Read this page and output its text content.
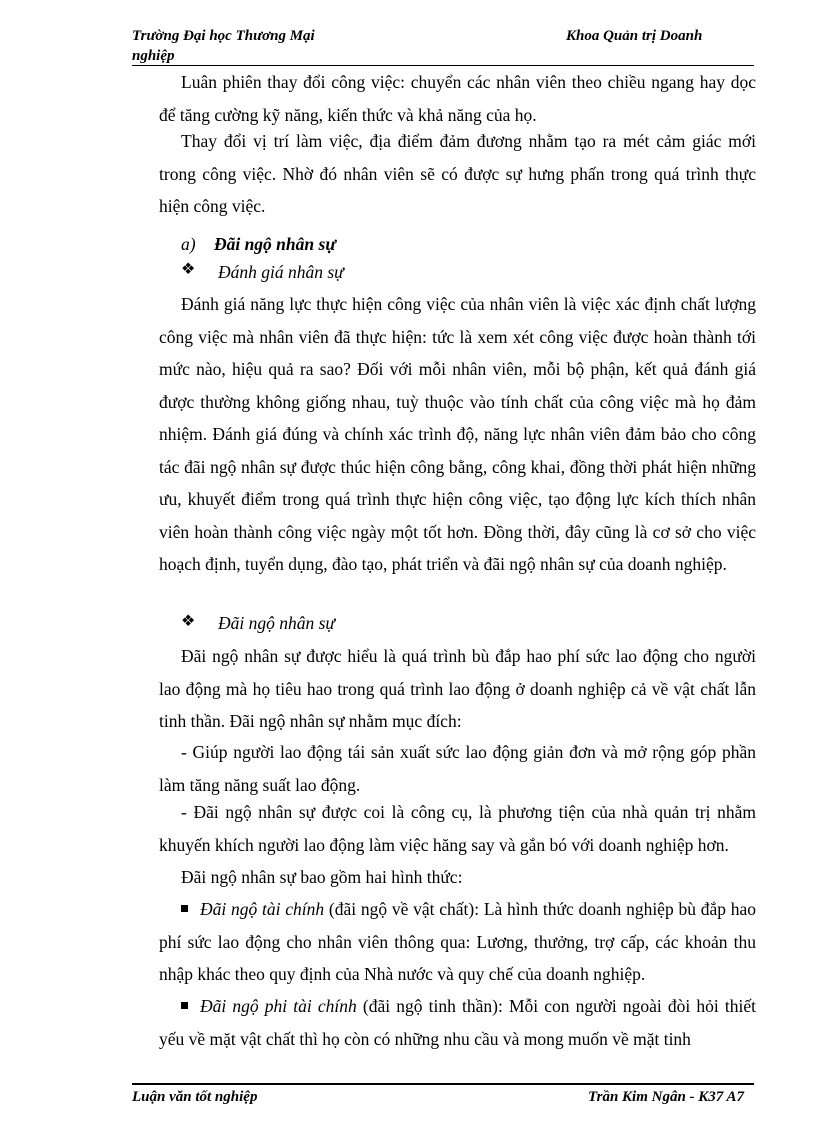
Trường Đại học Thương Mại nghiệp
Khoa Quản trị Doanh
Luân phiên thay đổi công việc: chuyển các nhân viên theo chiều ngang hay dọc để tăng cường kỹ năng, kiến thức và khả năng của họ.
Thay đổi vị trí làm việc, địa điểm đảm đương nhằm tạo ra mét cảm giác mới trong công việc. Nhờ đó nhân viên sẽ có được sự hưng phấn trong quá trình thực hiện công việc.
a) Đãi ngộ nhân sự
❖ Đánh giá nhân sự
Đánh giá năng lực thực hiện công việc của nhân viên là việc xác định chất lượng công việc mà nhân viên đã thực hiện: tức là xem xét công việc được hoàn thành tới mức nào, hiệu quả ra sao? Đối với mỗi nhân viên, mỗi bộ phận, kết quả đánh giá được thường không giống nhau, tuỳ thuộc vào tính chất của công việc mà họ đảm nhiệm. Đánh giá đúng và chính xác trình độ, năng lực nhân viên đảm bảo cho công tác đãi ngộ nhân sự được thúc hiện công bằng, công khai, đồng thời phát hiện những ưu, khuyết điểm trong quá trình thực hiện công việc, tạo động lực kích thích nhân viên hoàn thành công việc ngày một tốt hơn. Đồng thời, đây cũng là cơ sở cho việc hoạch định, tuyển dụng, đào tạo, phát triển và đãi ngộ nhân sự của doanh nghiệp.
❖ Đãi ngộ nhân sự
Đãi ngộ nhân sự được hiểu là quá trình bù đắp hao phí sức lao động cho người lao động mà họ tiêu hao trong quá trình lao động ở doanh nghiệp cả về vật chất lẫn tinh thần. Đãi ngộ nhân sự nhằm mục đích:
- Giúp người lao động tái sản xuất sức lao động giản đơn và mở rộng góp phần làm tăng năng suất lao động.
- Đãi ngộ nhân sự được coi là công cụ, là phương tiện của nhà quản trị nhằm khuyến khích người lao động làm việc hăng say và gắn bó với doanh nghiệp hơn.
Đãi ngộ nhân sự bao gồm hai hình thức:
Đãi ngộ tài chính (đãi ngộ về vật chất): Là hình thức doanh nghiệp bù đắp hao phí sức lao động cho nhân viên thông qua: Lương, thưởng, trợ cấp, các khoản thu nhập khác theo quy định của Nhà nước và quy chế của doanh nghiệp.
Đãi ngộ phi tài chính (đãi ngộ tinh thần): Mỗi con người ngoài đòi hỏi thiết yếu về mặt vật chất thì họ còn có những nhu cầu và mong muốn về mặt tinh
Luận văn tốt nghiệp	Trần Kim Ngân - K37 A7
